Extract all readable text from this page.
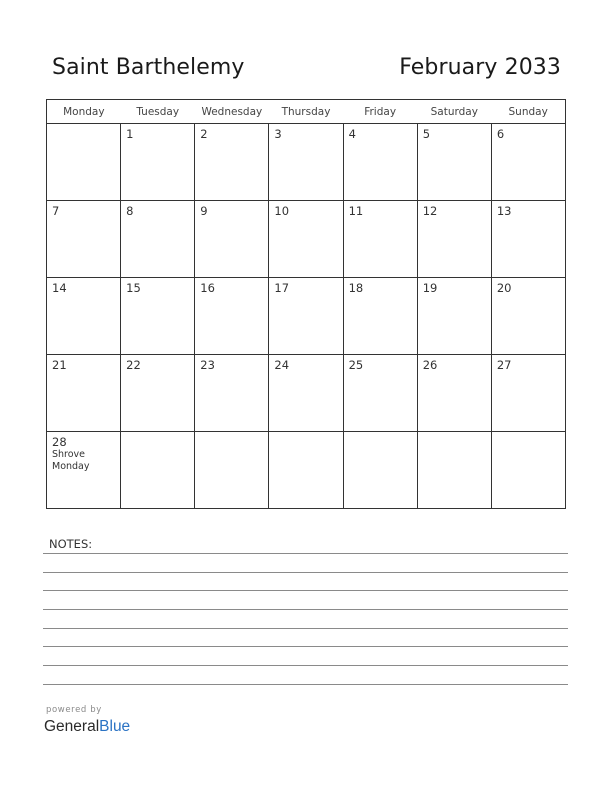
Saint Barthelemy	February 2033
Monday	Tuesday	Wednesday	Thursday	Friday	Saturday	Sunday

	1	2	3	4	5	6

7	8	9	10	11	12	13

14	15	16	17	18	19	20

21	22	23	24	25	26	27

28
Shrove Monday						

NOTES:
powered by
GeneralBlue
